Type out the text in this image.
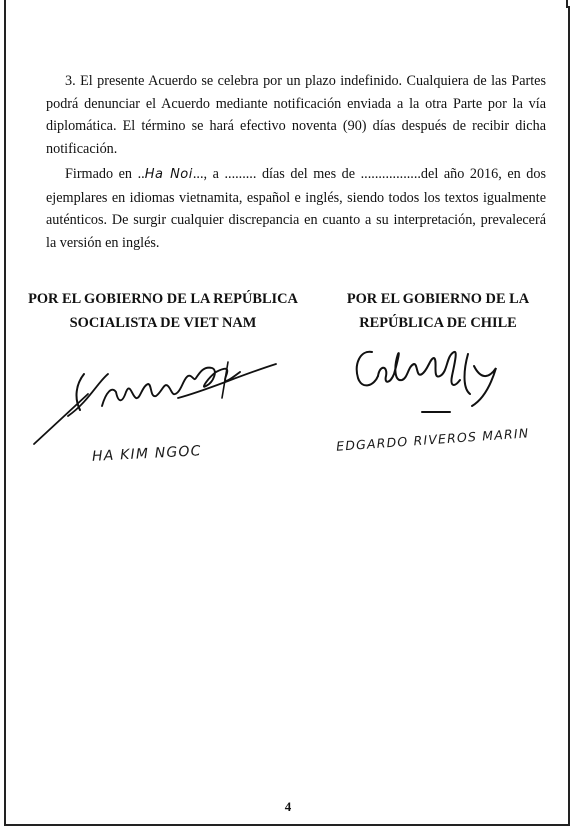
3. El presente Acuerdo se celebra por un plazo indefinido. Cualquiera de las Partes podrá denunciar el Acuerdo mediante notificación enviada a la otra Parte por la vía diplomática. El término se hará efectivo noventa (90) días después de recibir dicha notificación.

Firmado en ..Ha Noi..., a ......... días del mes de .................del año 2016, en dos ejemplares en idiomas vietnamita, español e inglés, siendo todos los textos igualmente auténticos. De surgir cualquier discrepancia en cuanto a su interpretación, prevalecerá la versión en inglés.

POR EL GOBIERNO DE LA REPÚBLICA SOCIALISTA DE VIET NAM

POR EL GOBIERNO DE LA REPÚBLICA DE CHILE

HA KIM NGOC

EDGARDO RIVEROS MARIN

4
